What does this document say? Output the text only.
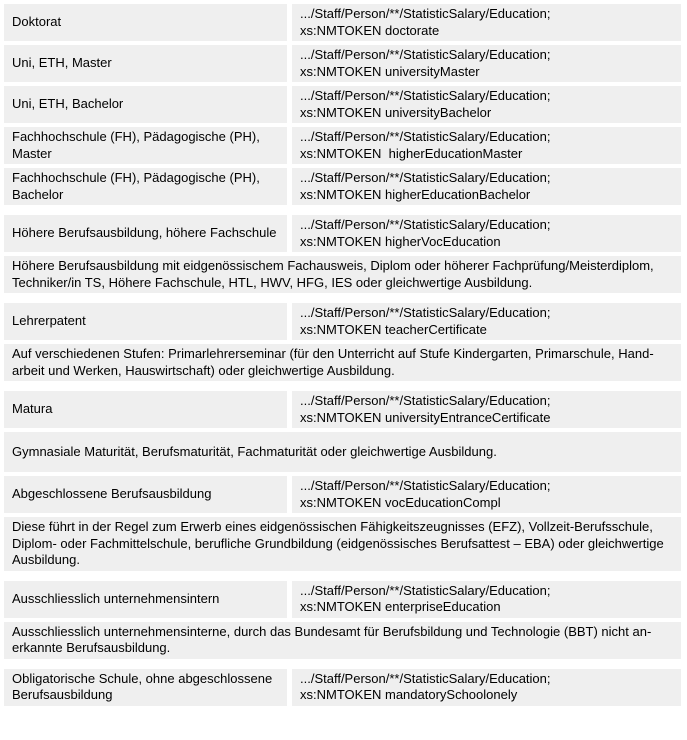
Doktorat
.../Staff/Person/**/StatisticSalary/Education;
xs:NMTOKEN doctorate
Uni, ETH, Master
.../Staff/Person/**/StatisticSalary/Education;
xs:NMTOKEN universityMaster
Uni, ETH, Bachelor
.../Staff/Person/**/StatisticSalary/Education;
xs:NMTOKEN universityBachelor
Fachhochschule (FH), Pädagogische (PH), Master
.../Staff/Person/**/StatisticSalary/Education;
xs:NMTOKEN  higherEducationMaster
Fachhochschule (FH), Pädagogische (PH), Bachelor
.../Staff/Person/**/StatisticSalary/Education;
xs:NMTOKEN higherEducationBachelor
Höhere Berufsausbildung, höhere Fachschule
.../Staff/Person/**/StatisticSalary/Education;
xs:NMTOKEN higherVocEducation
Höhere Berufsausbildung mit eidgenössischem Fachausweis, Diplom oder höherer Fachprüfung/Meisterdiplom, Techniker/in TS, Höhere Fachschule, HTL, HWV, HFG, IES oder gleichwertige Ausbildung.
Lehrerpatent
.../Staff/Person/**/StatisticSalary/Education;
xs:NMTOKEN teacherCertificate
Auf verschiedenen Stufen: Primarlehrerseminar (für den Unterricht auf Stufe Kindergarten, Primarschule, Handarbeit und Werken, Hauswirtschaft) oder gleichwertige Ausbildung.
Matura
.../Staff/Person/**/StatisticSalary/Education;
xs:NMTOKEN universityEntranceCertificate
Gymnasiale Maturität, Berufsmaturität, Fachmaturität oder gleichwertige Ausbildung.
Abgeschlossene Berufsausbildung
.../Staff/Person/**/StatisticSalary/Education;
xs:NMTOKEN vocEducationCompl
Diese führt in der Regel zum Erwerb eines eidgenössischen Fähigkeitszeugnisses (EFZ), Vollzeit-Berufsschule, Diplom- oder Fachmittelschule, berufliche Grundbildung (eidgenössisches Berufsattest – EBA) oder gleichwertige Ausbildung.
Ausschliesslich unternehmensintern
.../Staff/Person/**/StatisticSalary/Education;
xs:NMTOKEN enterpriseEducation
Ausschliesslich unternehmensinterne, durch das Bundesamt für Berufsbildung und Technologie (BBT) nicht anerkannte Berufsausbildung.
Obligatorische Schule, ohne abgeschlossene Berufsausbildung
.../Staff/Person/**/StatisticSalary/Education;
xs:NMTOKEN mandatorySchoolonely
